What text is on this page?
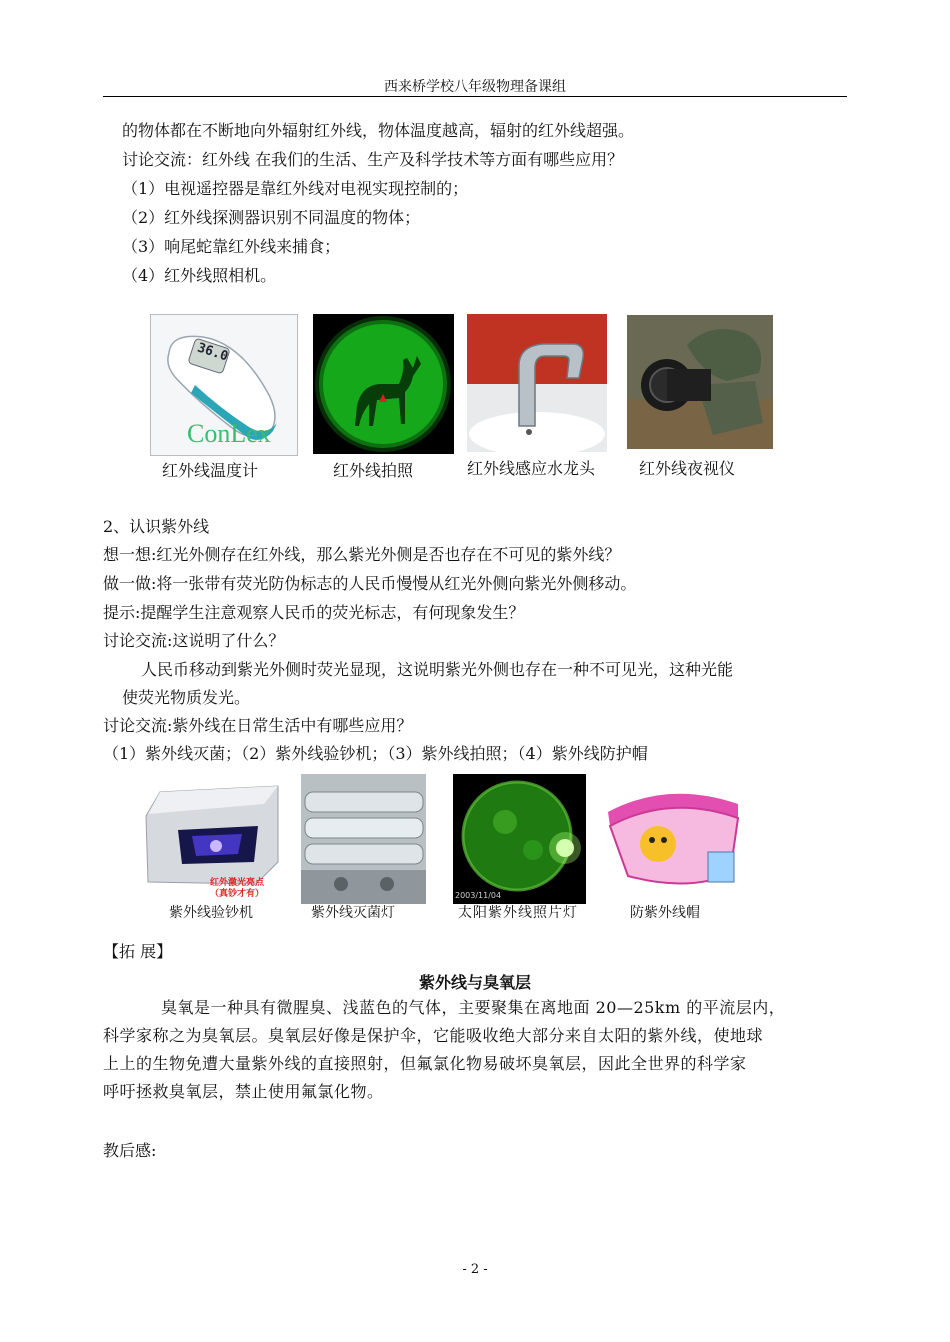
西来桥学校八年级物理备课组
的物体都在不断地向外辐射红外线，物体温度越高，辐射的红外线超强。
讨论交流：红外线 在我们的生活、生产及科学技术等方面有哪些应用？
（1）电视遥控器是靠红外线对电视实现控制的；
（2）红外线探测器识别不同温度的物体；
（3）响尾蛇靠红外线来捕食；
（4）红外线照相机。
36.0
ConLex
红外线温度计	红外线拍照	红外线感应水龙头	红外线夜视仪
2、认识紫外线
想一想:红光外侧存在红外线，那么紫光外侧是否也存在不可见的紫外线？
做一做:将一张带有荧光防伪标志的人民币慢慢从红光外侧向紫光外侧移动。
提示:提醒学生注意观察人民币的荧光标志，有何现象发生？
讨论交流:这说明了什么？
人民币移动到紫光外侧时荧光显现，这说明紫光外侧也存在一种不可见光，这种光能
使荧光物质发光。
讨论交流:紫外线在日常生活中有哪些应用？
（1）紫外线灭菌；（2）紫外线验钞机；（3）紫外线拍照；（4）紫外线防护帽
红外激光亮点
（真钞才有）	2003/11/04
紫外线验钞机	紫外线灭菌灯	太阳紫外线照片灯	防紫外线帽
【拓 展】
紫外线与臭氧层
臭氧是一种具有微腥臭、浅蓝色的气体，主要聚集在离地面 20—25km 的平流层内，
科学家称之为臭氧层。臭氧层好像是保护伞，它能吸收绝大部分来自太阳的紫外线，使地球
上上的生物免遭大量紫外线的直接照射，但氟氯化物易破坏臭氧层，因此全世界的科学家
呼吁拯救臭氧层，禁止使用氟氯化物。
教后感:
- 2 -
